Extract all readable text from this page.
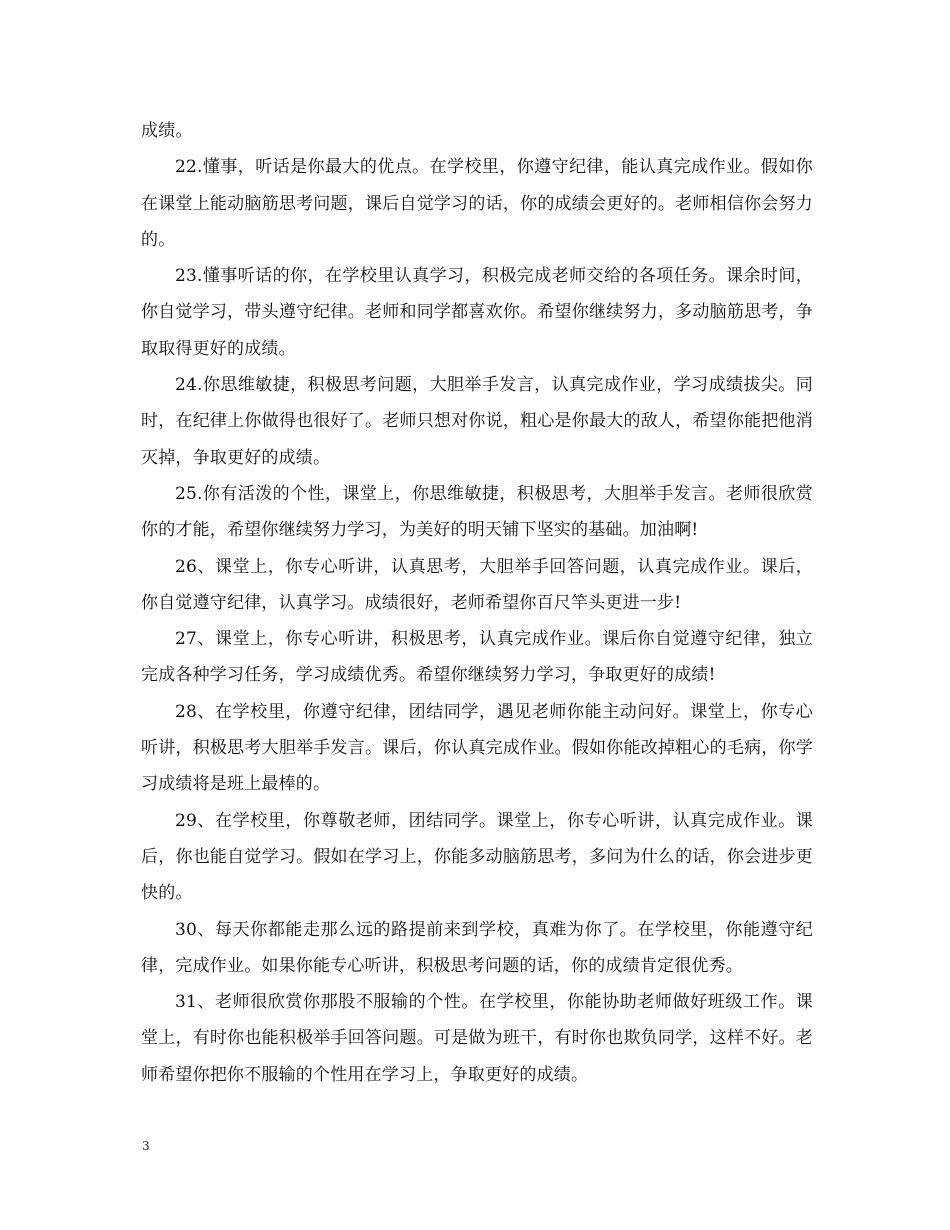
成绩。

22.懂事，听话是你最大的优点。在学校里，你遵守纪律，能认真完成作业。假如你在课堂上能动脑筋思考问题，课后自觉学习的话，你的成绩会更好的。老师相信你会努力的。

23.懂事听话的你，在学校里认真学习，积极完成老师交给的各项任务。课余时间，你自觉学习，带头遵守纪律。老师和同学都喜欢你。希望你继续努力，多动脑筋思考，争取取得更好的成绩。

24.你思维敏捷，积极思考问题，大胆举手发言，认真完成作业，学习成绩拔尖。同时，在纪律上你做得也很好了。老师只想对你说，粗心是你最大的敌人，希望你能把他消灭掉，争取更好的成绩。

25.你有活泼的个性，课堂上，你思维敏捷，积极思考，大胆举手发言。老师很欣赏你的才能，希望你继续努力学习，为美好的明天铺下坚实的基础。加油啊!

26、课堂上，你专心听讲，认真思考，大胆举手回答问题，认真完成作业。课后，你自觉遵守纪律，认真学习。成绩很好，老师希望你百尺竿头更进一步!

27、课堂上，你专心听讲，积极思考，认真完成作业。课后你自觉遵守纪律，独立完成各种学习任务，学习成绩优秀。希望你继续努力学习，争取更好的成绩!

28、在学校里，你遵守纪律，团结同学，遇见老师你能主动问好。课堂上，你专心听讲，积极思考大胆举手发言。课后，你认真完成作业。假如你能改掉粗心的毛病，你学习成绩将是班上最棒的。

29、在学校里，你尊敬老师，团结同学。课堂上，你专心听讲，认真完成作业。课后，你也能自觉学习。假如在学习上，你能多动脑筋思考，多问为什么的话，你会进步更快的。

30、每天你都能走那么远的路提前来到学校，真难为你了。在学校里，你能遵守纪律，完成作业。如果你能专心听讲，积极思考问题的话，你的成绩肯定很优秀。

31、老师很欣赏你那股不服输的个性。在学校里，你能协助老师做好班级工作。课堂上，有时你也能积极举手回答问题。可是做为班干，有时你也欺负同学，这样不好。老师希望你把你不服输的个性用在学习上，争取更好的成绩。

3
